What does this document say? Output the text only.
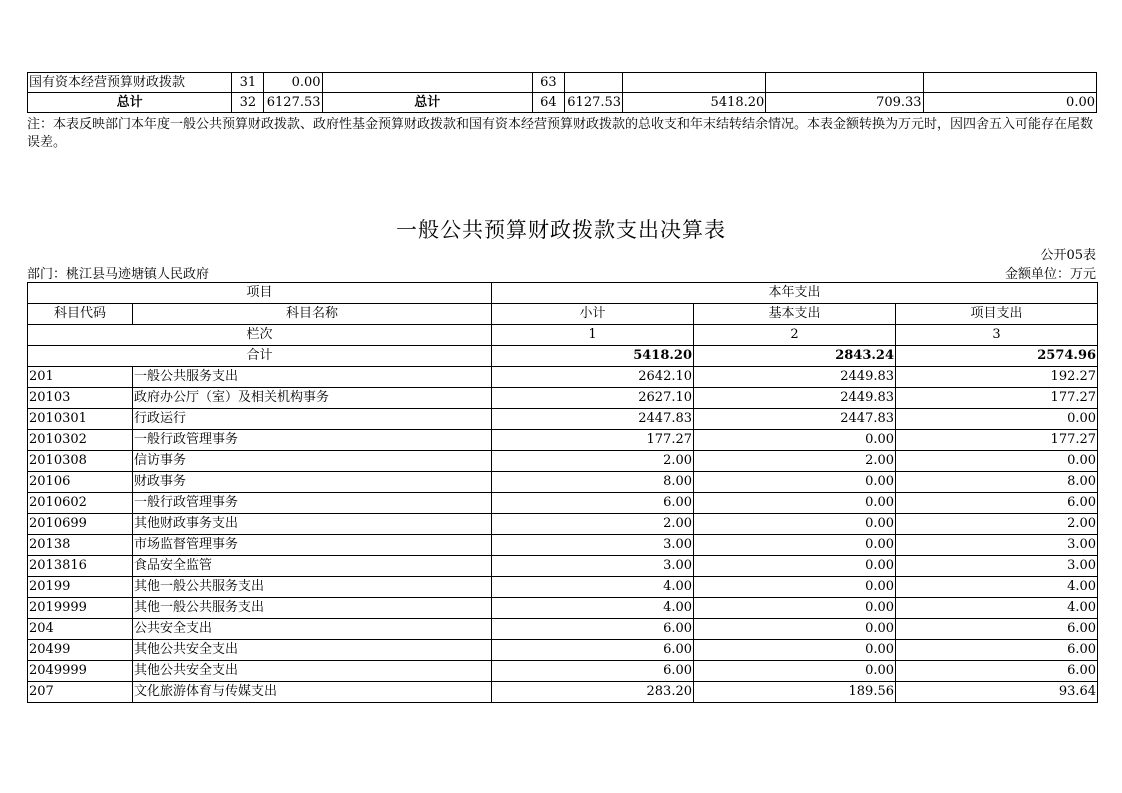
国有资本经营预算财政拨款	31	0.00		63				
总计	32	6127.53	总计	64	6127.53	5418.20	709.33	0.00
注：本表反映部门本年度一般公共预算财政拨款、政府性基金预算财政拨款和国有资本经营预算财政拨款的总收支和年末结转结余情况。本表金额转换为万元时，因四舍五入可能存在尾数误差。
一般公共预算财政拨款支出决算表
公开05表
部门：桃江县马迹塘镇人民政府	金额单位：万元
项目		本年支出		
科目代码	科目名称	小计	基本支出	项目支出
栏次		1	2	3
合计		5418.20	2843.24	2574.96
201	一般公共服务支出	2642.10	2449.83	192.27
20103	政府办公厅（室）及相关机构事务	2627.10	2449.83	177.27
2010301	行政运行	2447.83	2447.83	0.00
2010302	一般行政管理事务	177.27	0.00	177.27
2010308	信访事务	2.00	2.00	0.00
20106	财政事务	8.00	0.00	8.00
2010602	一般行政管理事务	6.00	0.00	6.00
2010699	其他财政事务支出	2.00	0.00	2.00
20138	市场监督管理事务	3.00	0.00	3.00
2013816	食品安全监管	3.00	0.00	3.00
20199	其他一般公共服务支出	4.00	0.00	4.00
2019999	其他一般公共服务支出	4.00	0.00	4.00
204	公共安全支出	6.00	0.00	6.00
20499	其他公共安全支出	6.00	0.00	6.00
2049999	其他公共安全支出	6.00	0.00	6.00
207	文化旅游体育与传媒支出	283.20	189.56	93.64
